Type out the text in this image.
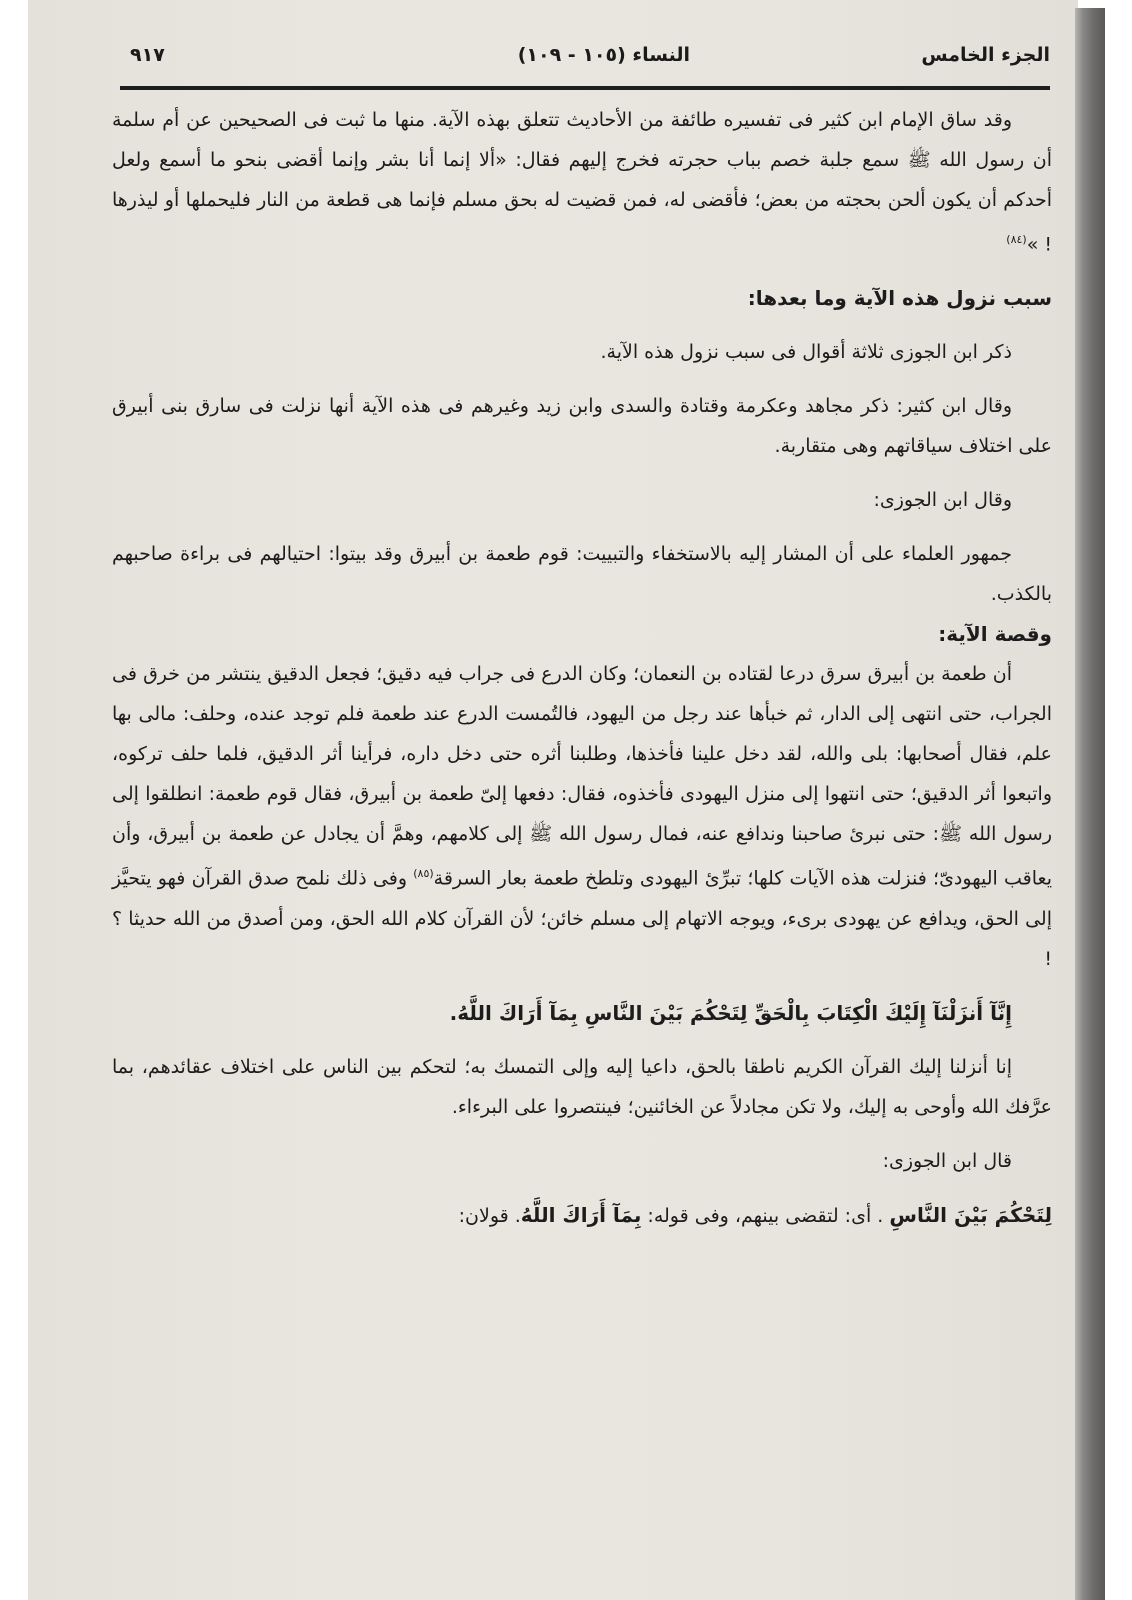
الجزء الخامس
النساء (١٠٥ - ١٠٩)
٩١٧

وقد ساق الإمام ابن كثير فى تفسيره طائفة من الأحاديث تتعلق بهذه الآية. منها ما ثبت فى الصحيحين عن أم سلمة أن رسول الله ﷺ سمع جلبة خصم بباب حجرته فخرج إليهم فقال: «ألا إنما أنا بشر وإنما أقضى بنحو ما أسمع ولعل أحدكم أن يكون ألحن بحجته من بعض؛ فأقضى له، فمن قضيت له بحق مسلم فإنما هى قطعة من النار فليحملها أو ليذرها ! »$^{(٨٤)}$

سبب نزول هذه الآية وما بعدها:

ذكر ابن الجوزى ثلاثة أقوال فى سبب نزول هذه الآية.

وقال ابن كثير: ذكر مجاهد وعكرمة وقتادة والسدى وابن زيد وغيرهم فى هذه الآية أنها نزلت فى سارق بنى أبيرق على اختلاف سياقاتهم وهى متقاربة.

وقال ابن الجوزى:

جمهور العلماء على أن المشار إليه بالاستخفاء والتبييت: قوم طعمة بن أبيرق وقد بيتوا: احتيالهم فى براءة صاحبهم بالكذب.

وقصة الآية:

أن طعمة بن أبيرق سرق درعا لقتاده بن النعمان؛ وكان الدرع فى جراب فيه دقيق؛ فجعل الدقيق ينتشر من خرق فى الجراب، حتى انتهى إلى الدار، ثم خبأها عند رجل من اليهود، فالتُمست الدرع عند طعمة فلم توجد عنده، وحلف: مالى بها علم، فقال أصحابها: بلى والله، لقد دخل علينا فأخذها، وطلبنا أثره حتى دخل داره، فرأينا أثر الدقيق، فلما حلف تركوه، واتبعوا أثر الدقيق؛ حتى انتهوا إلى منزل اليهودى فأخذوه، فقال: دفعها إلىّ طعمة بن أبيرق، فقال قوم طعمة: انطلقوا إلى رسول الله ﷺ: حتى نبرئ صاحبنا وندافع عنه، فمال رسول الله ﷺ إلى كلامهم، وهمَّ أن يجادل عن طعمة بن أبيرق، وأن يعاقب اليهودىّ؛ فنزلت هذه الآيات كلها؛ تبرِّئ اليهودى وتلطخ طعمة بعار السرقة$^{(٨٥)}$ وفى ذلك نلمح صدق القرآن فهو يتحيَّز إلى الحق، ويدافع عن يهودى برىء، ويوجه الاتهام إلى مسلم خائن؛ لأن القرآن كلام الله الحق، ومن أصدق من الله حديثا ؟ !

إِنَّآ أَنزَلْنَآ إِلَيْكَ الْكِتَابَ بِالْحَقِّ لِتَحْكُمَ بَيْنَ النَّاسِ بِمَآ أَرَاكَ اللَّهُ.

إنا أنزلنا إليك القرآن الكريم ناطقا بالحق، داعيا إليه وإلى التمسك به؛ لتحكم بين الناس على اختلاف عقائدهم، بما عرَّفك الله وأوحى به إليك، ولا تكن مجادلاً عن الخائنين؛ فينتصروا على البرءاء.

قال ابن الجوزى:

لِتَحْكُمَ بَيْنَ النَّاسِ . أى: لتقضى بينهم، وفى قوله: بِمَآ أَرَاكَ اللَّهُ. قولان:
